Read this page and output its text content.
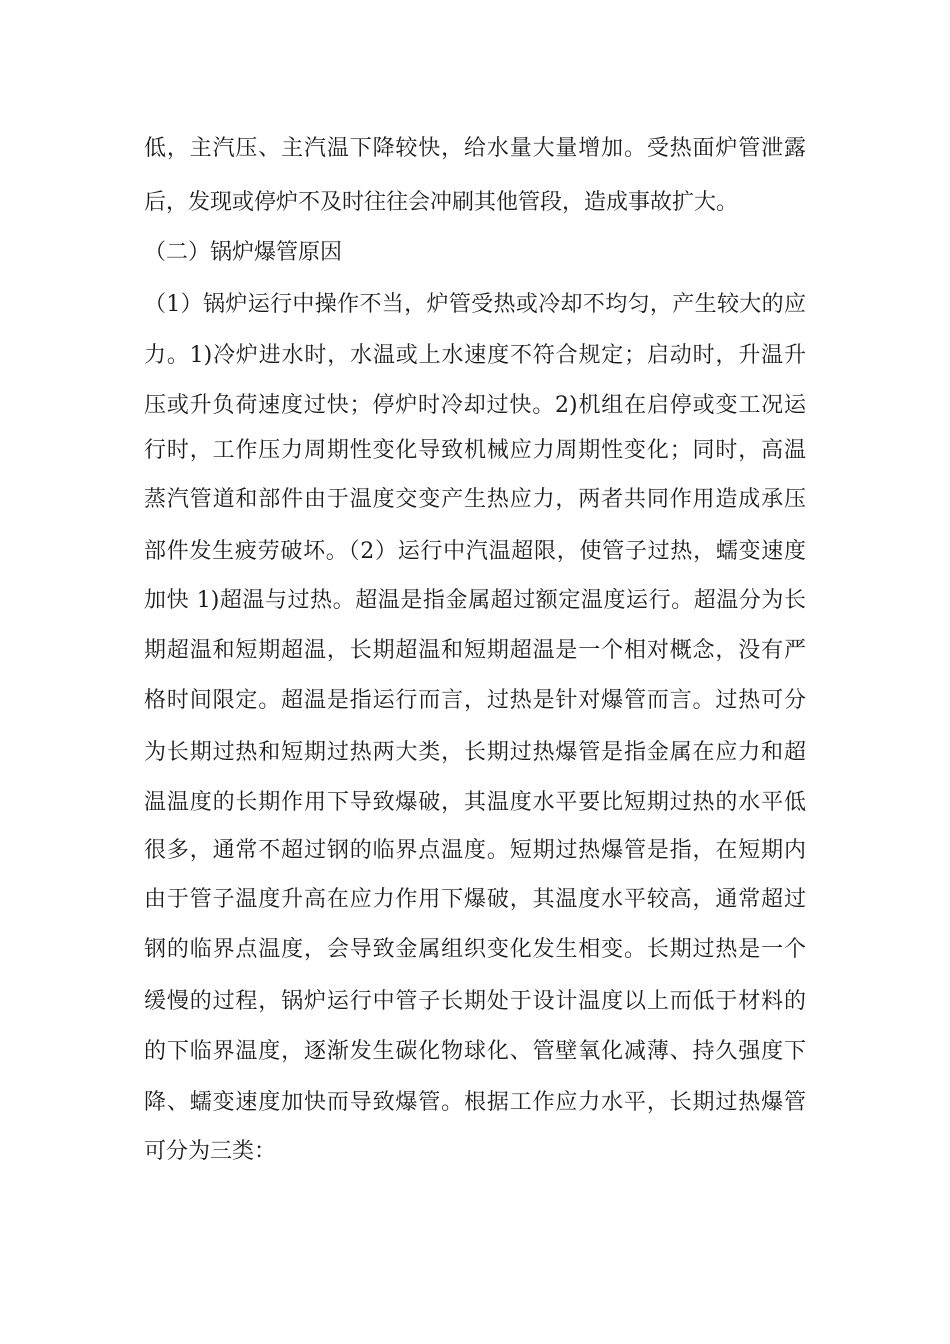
低，主汽压、主汽温下降较快，给水量大量增加。受热面炉管泄露
后，发现或停炉不及时往往会冲刷其他管段，造成事故扩大。
（二）锅炉爆管原因
（1）锅炉运行中操作不当，炉管受热或冷却不均匀，产生较大的应
力。1)冷炉进水时，水温或上水速度不符合规定；启动时，升温升
压或升负荷速度过快；停炉时冷却过快。2)机组在启停或变工况运
行时，工作压力周期性变化导致机械应力周期性变化；同时，高温
蒸汽管道和部件由于温度交变产生热应力，两者共同作用造成承压
部件发生疲劳破坏。（2）运行中汽温超限，使管子过热，蠕变速度
加快 1)超温与过热。超温是指金属超过额定温度运行。超温分为长
期超温和短期超温，长期超温和短期超温是一个相对概念，没有严
格时间限定。超温是指运行而言，过热是针对爆管而言。过热可分
为长期过热和短期过热两大类，长期过热爆管是指金属在应力和超
温温度的长期作用下导致爆破，其温度水平要比短期过热的水平低
很多，通常不超过钢的临界点温度。短期过热爆管是指，在短期内
由于管子温度升高在应力作用下爆破，其温度水平较高，通常超过
钢的临界点温度，会导致金属组织变化发生相变。长期过热是一个
缓慢的过程，锅炉运行中管子长期处于设计温度以上而低于材料的
的下临界温度，逐渐发生碳化物球化、管壁氧化减薄、持久强度下
降、蠕变速度加快而导致爆管。根据工作应力水平，长期过热爆管
可分为三类：
